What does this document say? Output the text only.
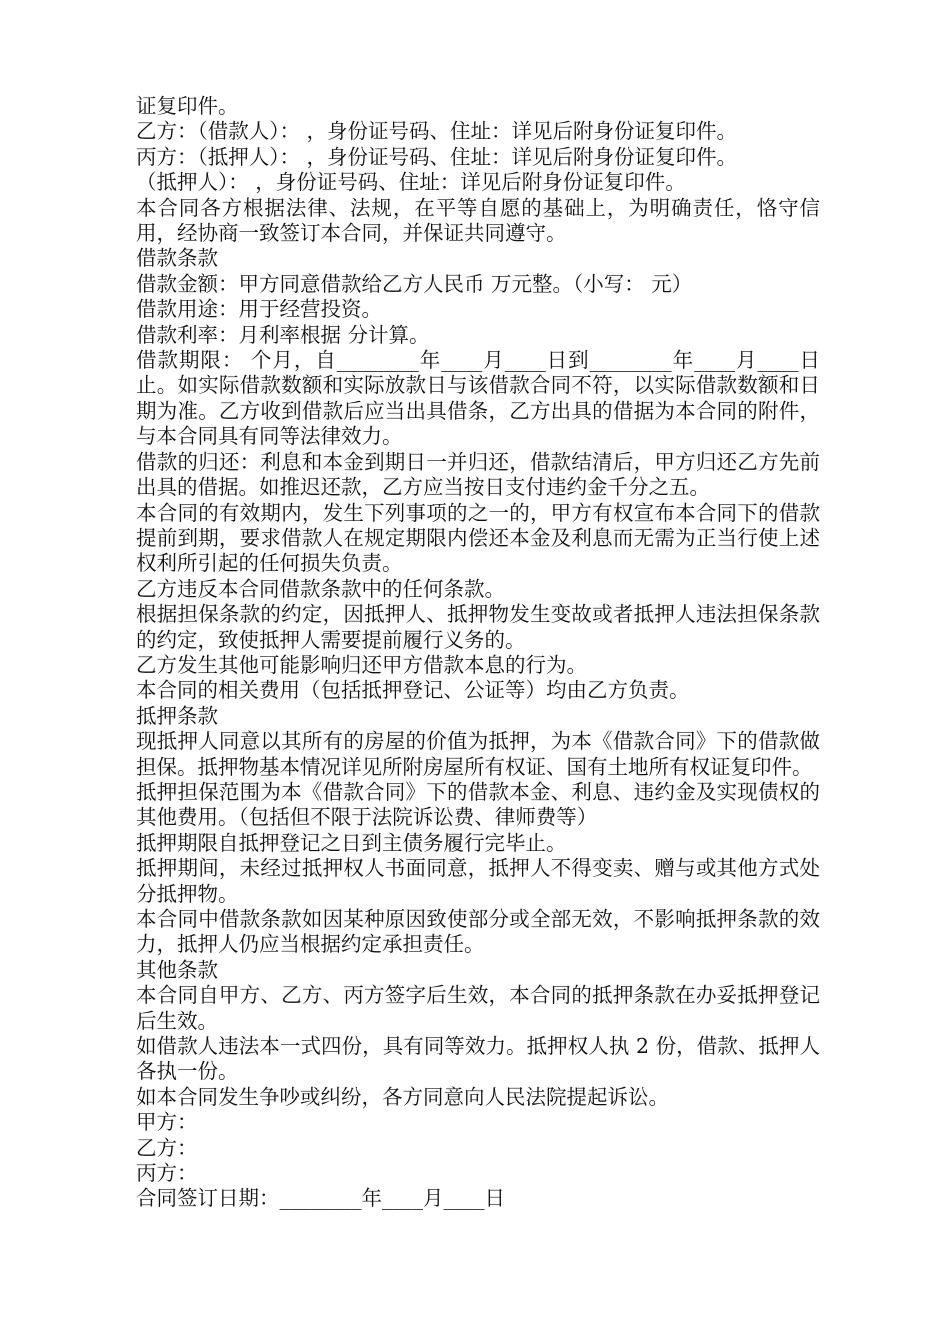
证复印件。

乙方：（借款人）： ，身份证号码、住址：详见后附身份证复印件。

丙方：（抵押人）： ，身份证号码、住址：详见后附身份证复印件。

（抵押人）： ，身份证号码、住址：详见后附身份证复印件。

本合同各方根据法律、法规，在平等自愿的基础上，为明确责任，恪守信用，经协商一致签订本合同，并保证共同遵守。

借款条款

借款金额：甲方同意借款给乙方人民币 万元整。（小写： 元）

借款用途：用于经营投资。

借款利率：月利率根据 分计算。

借款期限： 个月，自________年____月____日到________年____月____日止。如实际借款数额和实际放款日与该借款合同不符，以实际借款数额和日期为准。乙方收到借款后应当出具借条，乙方出具的借据为本合同的附件，与本合同具有同等法律效力。

借款的归还：利息和本金到期日一并归还，借款结清后，甲方归还乙方先前出具的借据。如推迟还款，乙方应当按日支付违约金千分之五。

本合同的有效期内，发生下列事项的之一的，甲方有权宣布本合同下的借款提前到期，要求借款人在规定期限内偿还本金及利息而无需为正当行使上述权利所引起的任何损失负责。

乙方违反本合同借款条款中的任何条款。

根据担保条款的约定，因抵押人、抵押物发生变故或者抵押人违法担保条款的约定，致使抵押人需要提前履行义务的。

乙方发生其他可能影响归还甲方借款本息的行为。

本合同的相关费用（包括抵押登记、公证等）均由乙方负责。

抵押条款

现抵押人同意以其所有的房屋的价值为抵押，为本《借款合同》下的借款做担保。抵押物基本情况详见所附房屋所有权证、国有土地所有权证复印件。

抵押担保范围为本《借款合同》下的借款本金、利息、违约金及实现债权的其他费用。（包括但不限于法院诉讼费、律师费等）

抵押期限自抵押登记之日到主债务履行完毕止。

抵押期间，未经过抵押权人书面同意，抵押人不得变卖、赠与或其他方式处分抵押物。

本合同中借款条款如因某种原因致使部分或全部无效，不影响抵押条款的效力，抵押人仍应当根据约定承担责任。

其他条款

本合同自甲方、乙方、丙方签字后生效，本合同的抵押条款在办妥抵押登记后生效。

如借款人违法本一式四份，具有同等效力。抵押权人执 2 份，借款、抵押人各执一份。

如本合同发生争吵或纠纷，各方同意向人民法院提起诉讼。

甲方：

乙方：

丙方：

合同签订日期：________年____月____日
